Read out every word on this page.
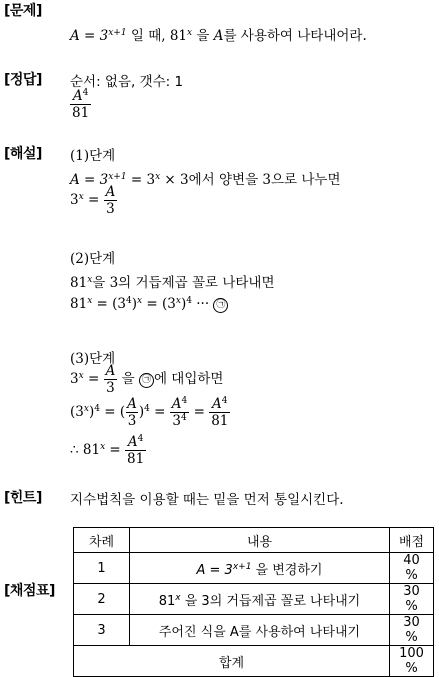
[문제]
[정답]
[해설]
[힌트]
[채점표]
$A = 3^{x+1}$ 일 때, 81$^x$ 을 A를 사용하여 나타내어라.
순서: 없음, 갯수: 1
$\frac{A^4}{81}$
(1)단계
$A = 3^{x+1} = 3^x \times 3$에서 양변을 3으로 나누면
$3^x = \frac{A}{3}$
(2)단계
81$^x$을 3의 거듭제곱 꼴로 나타내면
$81^x = (3^4)^x = (3^x)^4$ ··· ㉠
(3)단계
$3^x = \frac{A}{3}$ 을 ㉠ 에 대입하면
$(3^x)^4$ = ( $\frac{A}{3} )^4 = \frac{A^4}{3^4} = \frac{A^4}{81}$
∴ $81^x = \frac{A^4}{81}$
지수법칙을 이용할 때는 밑을 먼저 통일시킨다.
차례	내용	배점
1	$A = 3^{x+1}$ 을 변경하기	40 %
2	81$^x$ 을 3의 거듭제곱 꼴로 나타내기	30 %
3	주어진 식을 A를 사용하여 나타내기	30 %
합계		100 %
